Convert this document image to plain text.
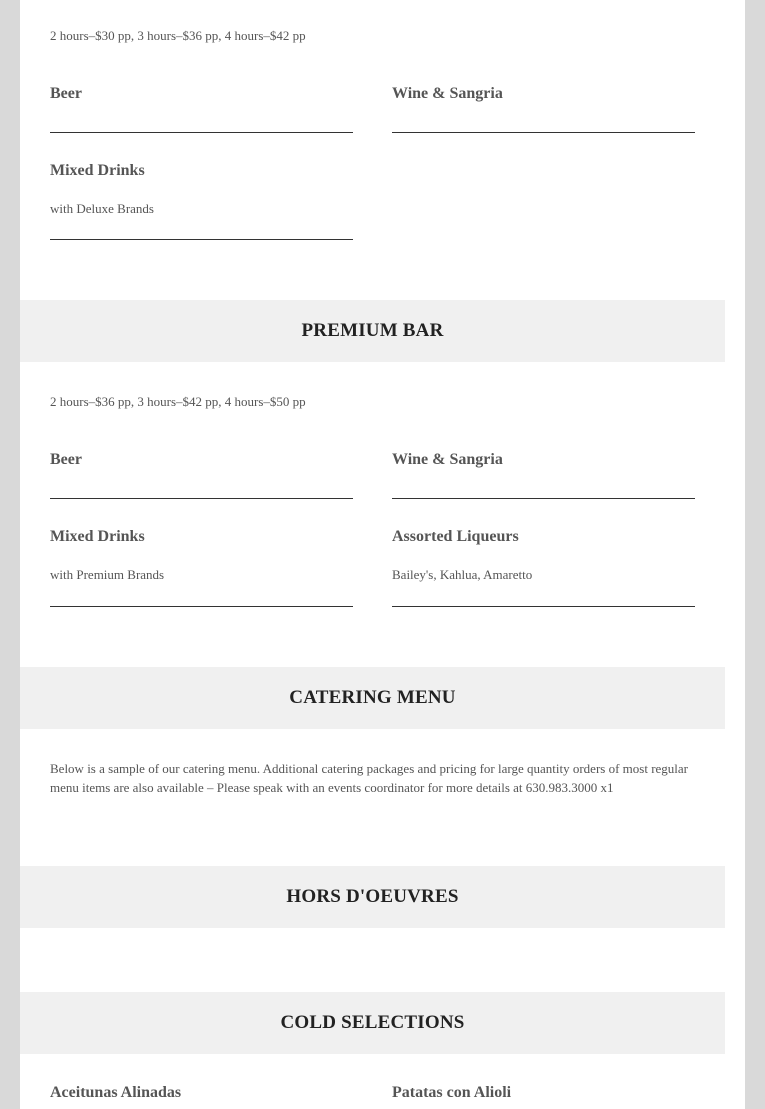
2 hours–$30 pp, 3 hours–$36 pp, 4 hours–$42 pp

Beer	Wine & Sangria

Mixed Drinks

with Deluxe Brands

PREMIUM BAR

2 hours–$36 pp, 3 hours–$42 pp, 4 hours–$50 pp

Beer	Wine & Sangria

Mixed Drinks

with Premium Brands

Assorted Liqueurs

Bailey's, Kahlua, Amaretto

CATERING MENU

Below is a sample of our catering menu. Additional catering packages and pricing for large quantity orders of most regular menu items are also available – Please speak with an events coordinator for more details at 630.983.3000 x1

HORS D'OEUVRES
COLD SELECTIONS

Aceitunas Alinadas	Patatas con Alioli
